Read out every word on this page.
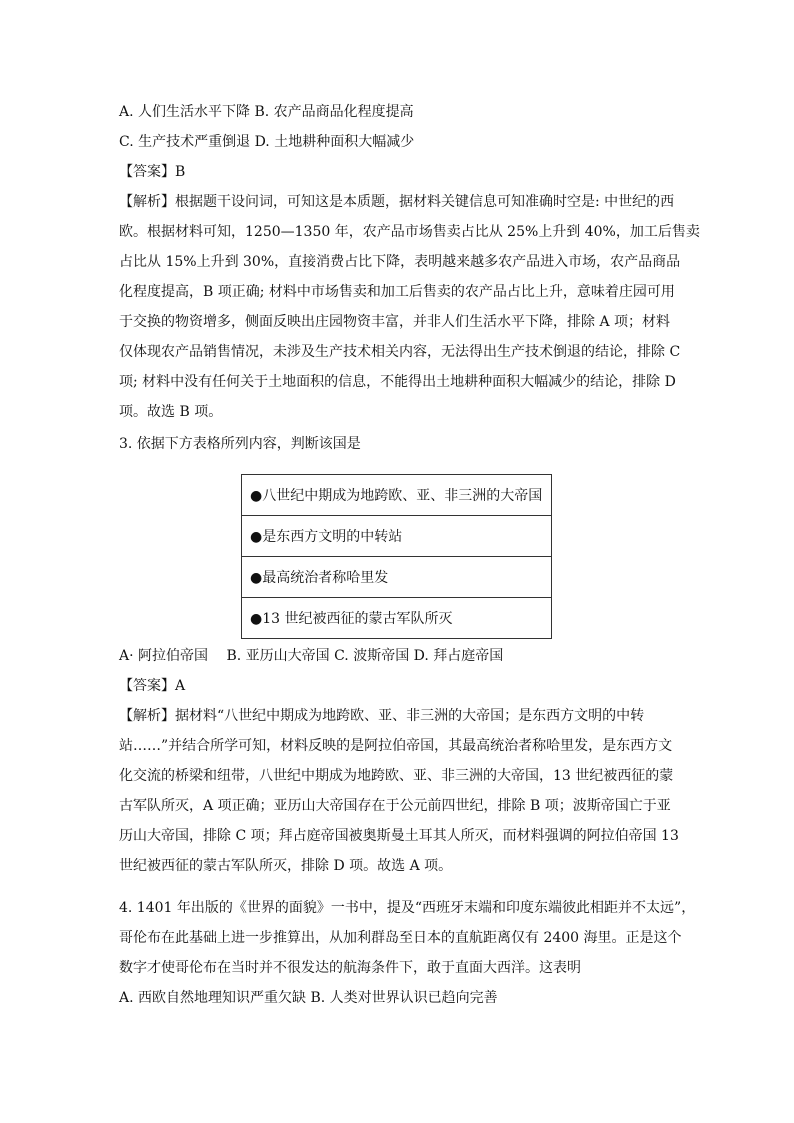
A. 人们生活水平下降 B. 农产品商品化程度提高
C. 生产技术严重倒退 D. 土地耕种面积大幅减少
【答案】B
【解析】根据题干设问词，可知这是本质题，据材料关键信息可知准确时空是: 中世纪的西
欧。根据材料可知，1250—1350 年，农产品市场售卖占比从 25%上升到 40%，加工后售卖
占比从 15%上升到 30%，直接消费占比下降，表明越来越多农产品进入市场，农产品商品
化程度提高，B 项正确; 材料中市场售卖和加工后售卖的农产品占比上升，意味着庄园可用
于交换的物资增多，侧面反映出庄园物资丰富，并非人们生活水平下降，排除 A 项；材料
仅体现农产品销售情况，未涉及生产技术相关内容，无法得出生产技术倒退的结论，排除 C
项; 材料中没有任何关于土地面积的信息，不能得出土地耕种面积大幅减少的结论，排除 D
项。故选 B 项。
3. 依据下方表格所列内容，判断该国是
●八世纪中期成为地跨欧、亚、非三洲的大帝国
●是东西方文明的中转站
●最高统治者称哈里发
●13 世纪被西征的蒙古军队所灭
A· 阿拉伯帝国　 B. 亚历山大帝国 C. 波斯帝国 D. 拜占庭帝国
【答案】A
【解析】据材料“八世纪中期成为地跨欧、亚、非三洲的大帝国；是东西方文明的中转
站……”并结合所学可知，材料反映的是阿拉伯帝国，其最高统治者称哈里发，是东西方文
化交流的桥梁和纽带，八世纪中期成为地跨欧、亚、非三洲的大帝国，13 世纪被西征的蒙
古军队所灭，A 项正确；亚历山大帝国存在于公元前四世纪，排除 B 项；波斯帝国亡于亚
历山大帝国，排除 C 项；拜占庭帝国被奥斯曼土耳其人所灭，而材料强调的阿拉伯帝国 13
世纪被西征的蒙古军队所灭，排除 D 项。故选 A 项。
4. 1401 年出版的《世界的面貌》一书中，提及“西班牙末端和印度东端彼此相距并不太远”，
哥伦布在此基础上进一步推算出，从加利群岛至日本的直航距离仅有 2400 海里。正是这个
数字才使哥伦布在当时并不很发达的航海条件下，敢于直面大西洋。这表明
A. 西欧自然地理知识严重欠缺 B. 人类对世界认识已趋向完善
